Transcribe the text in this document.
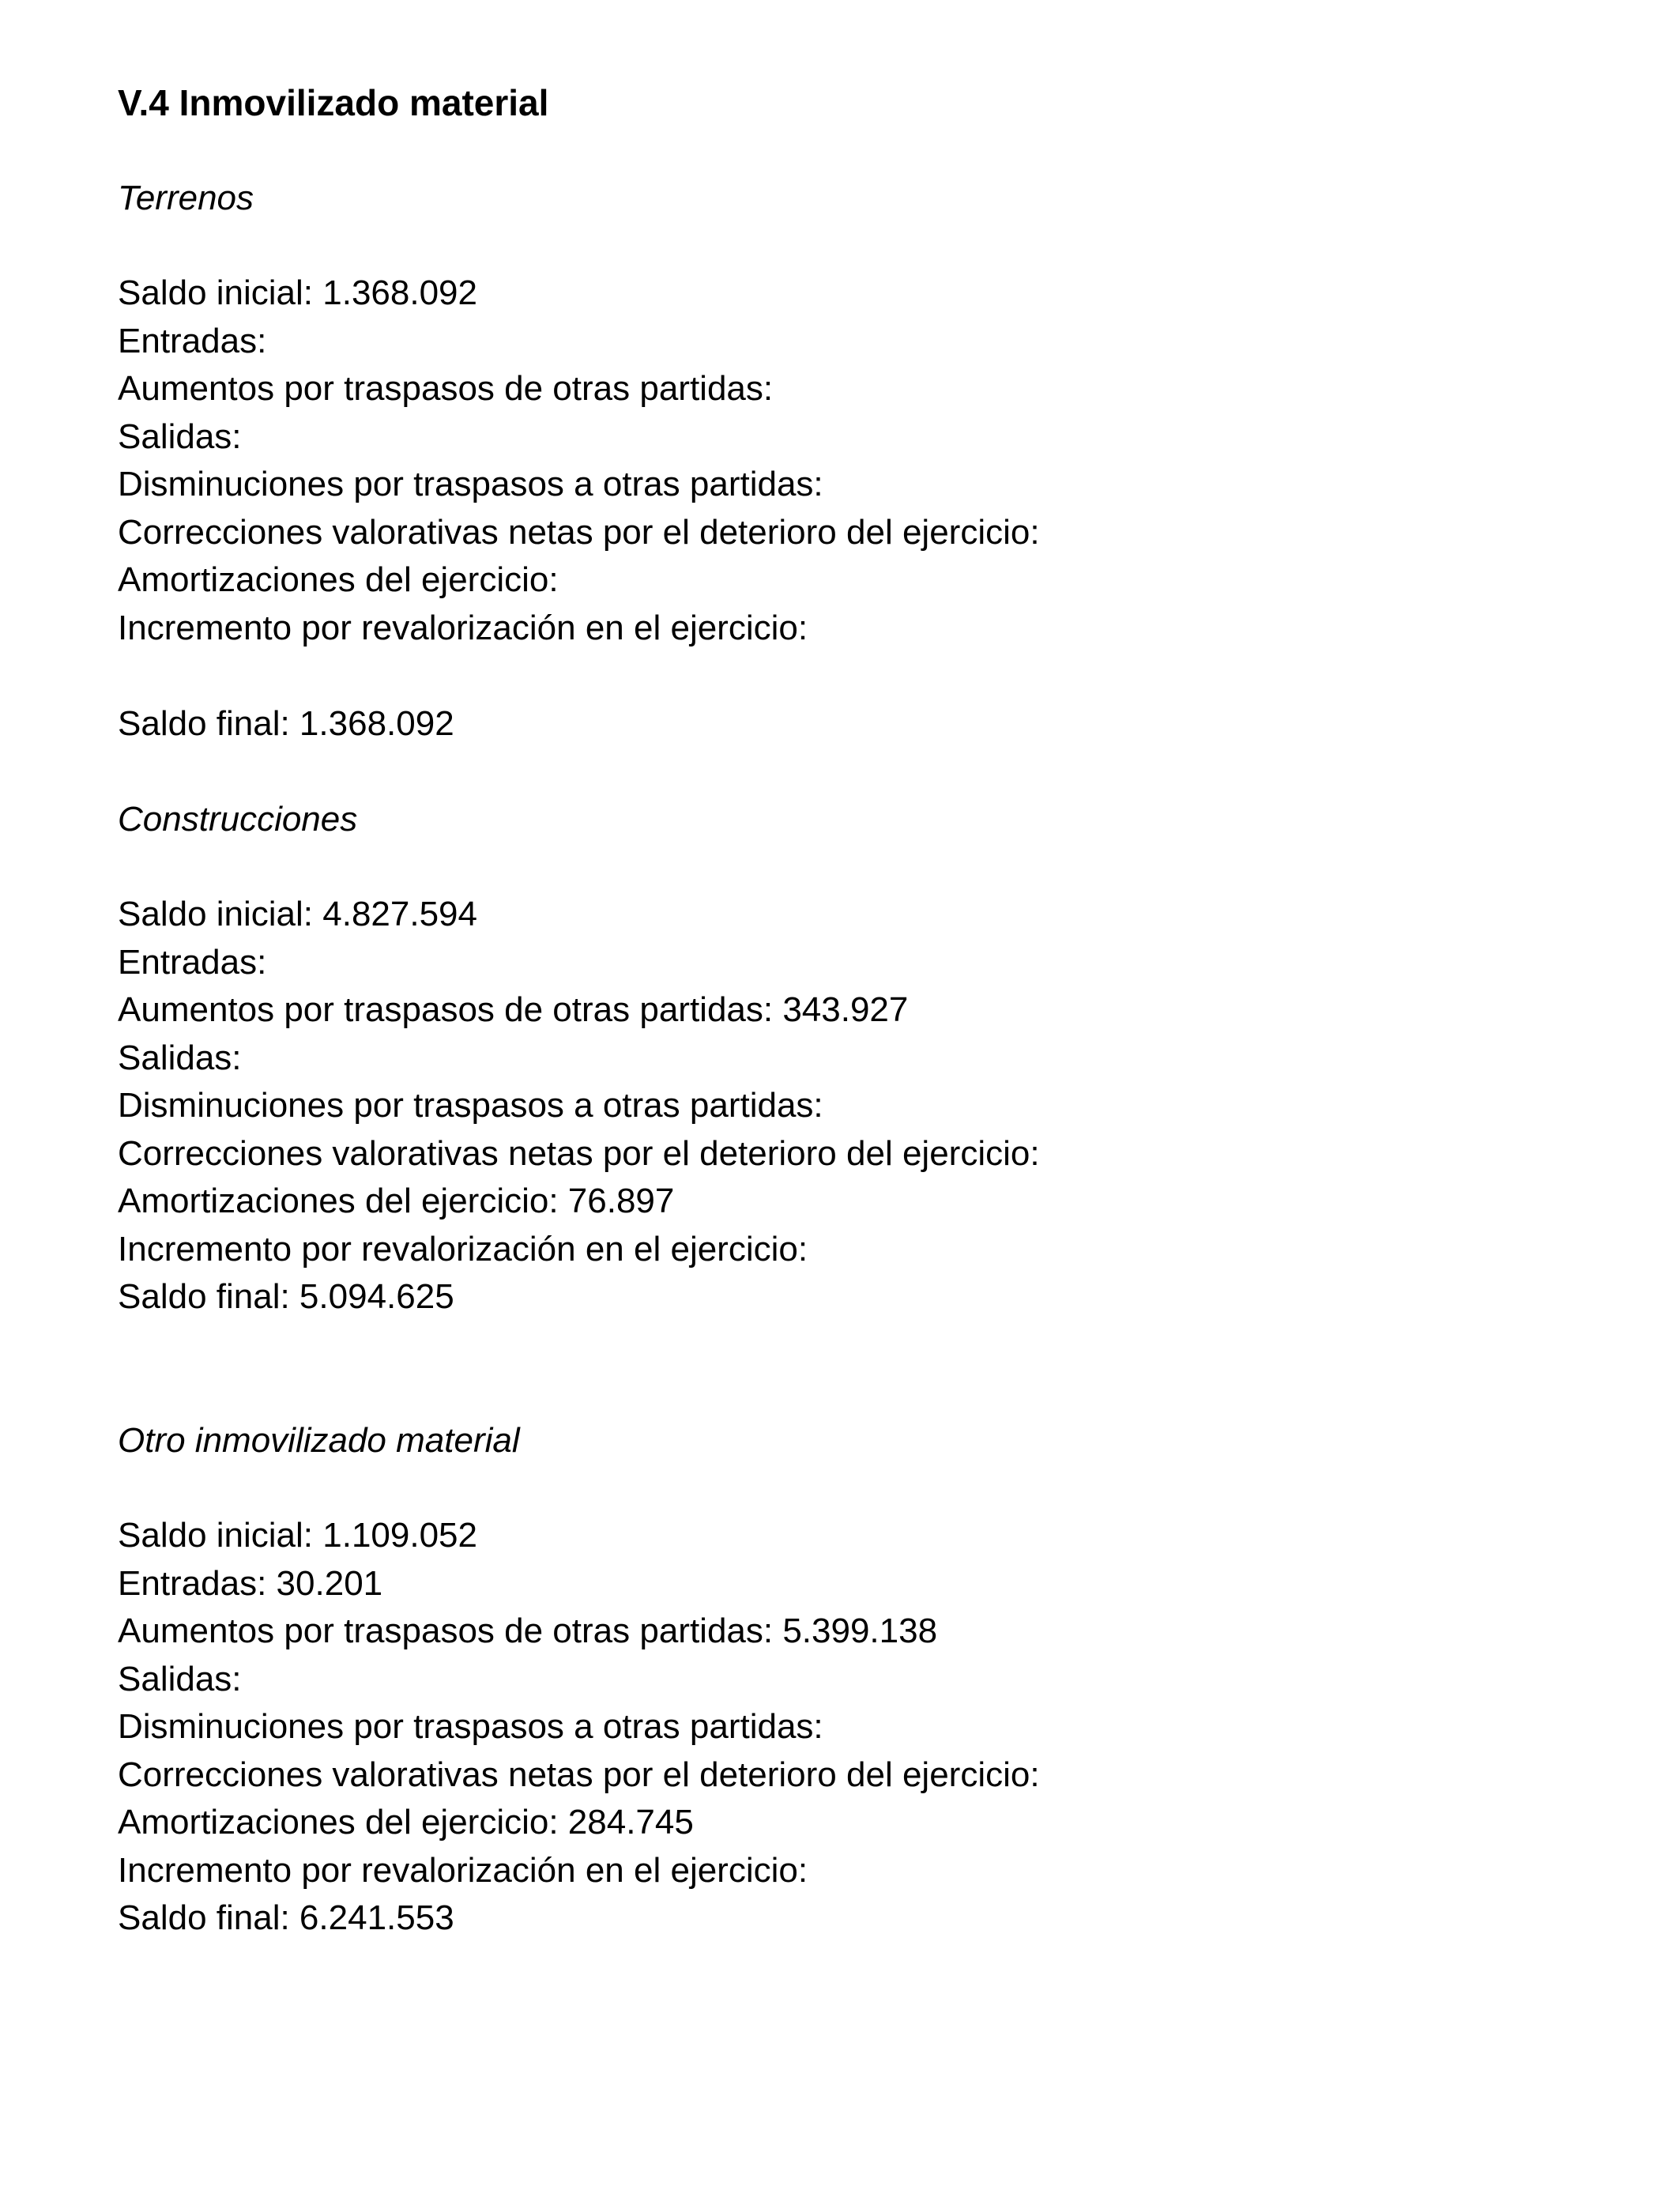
V.4 Inmovilizado material
Terrenos
Saldo inicial: 1.368.092
Entradas:
Aumentos por traspasos de otras partidas:
Salidas:
Disminuciones por traspasos a otras partidas:
Correcciones valorativas netas por el deterioro del ejercicio:
Amortizaciones del ejercicio:
Incremento por revalorización en el ejercicio:
Saldo final: 1.368.092
Construcciones
Saldo inicial: 4.827.594
Entradas:
Aumentos por traspasos de otras partidas: 343.927
Salidas:
Disminuciones por traspasos a otras partidas:
Correcciones valorativas netas por el deterioro del ejercicio:
Amortizaciones del ejercicio: 76.897
Incremento por revalorización en el ejercicio:
Saldo final: 5.094.625
Otro inmovilizado material
Saldo inicial: 1.109.052
Entradas: 30.201
Aumentos por traspasos de otras partidas: 5.399.138
Salidas:
Disminuciones por traspasos a otras partidas:
Correcciones valorativas netas por el deterioro del ejercicio:
Amortizaciones del ejercicio: 284.745
Incremento por revalorización en el ejercicio:
Saldo final: 6.241.553
